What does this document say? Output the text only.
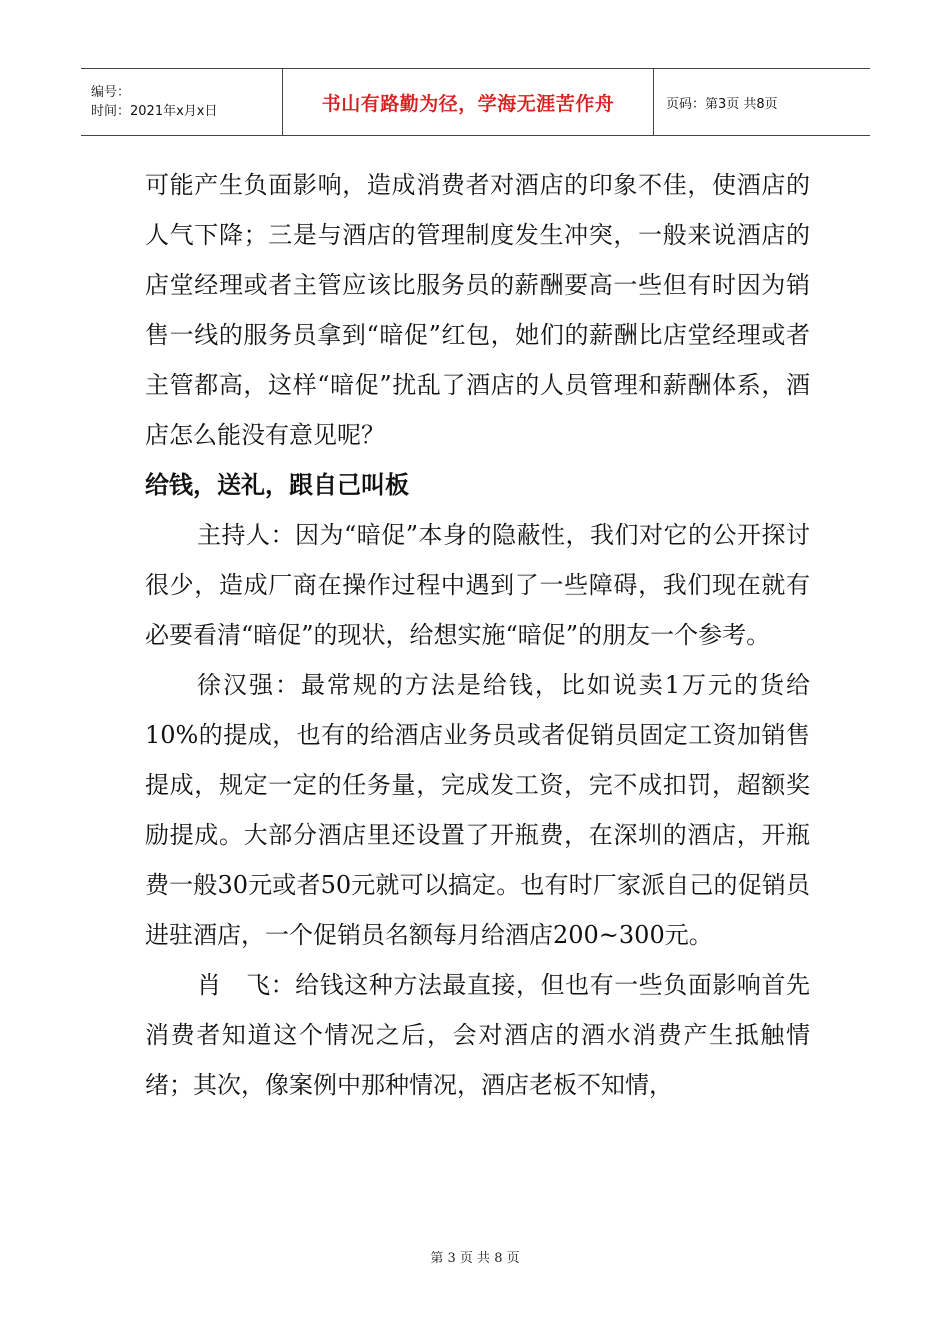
编号：
时间：2021年x月x日	书山有路勤为径，学海无涯苦作舟	页码：第3页 共8页

可能产生负面影响，造成消费者对酒店的印象不佳，使酒店的人气下降；三是与酒店的管理制度发生冲突，一般来说酒店的店堂经理或者主管应该比服务员的薪酬要高一些但有时因为销售一线的服务员拿到“暗促”红包，她们的薪酬比店堂经理或者主管都高，这样“暗促”扰乱了酒店的人员管理和薪酬体系，酒店怎么能没有意见呢？

给钱，送礼，跟自己叫板

主持人：因为“暗促”本身的隐蔽性，我们对它的公开探讨很少，造成厂商在操作过程中遇到了一些障碍，我们现在就有必要看清“暗促”的现状，给想实施“暗促”的朋友一个参考。

徐汉强：最常规的方法是给钱，比如说卖1万元的货给10%的提成，也有的给酒店业务员或者促销员固定工资加销售提成，规定一定的任务量，完成发工资，完不成扣罚，超额奖励提成。大部分酒店里还设置了开瓶费，在深圳的酒店，开瓶费一般30元或者50元就可以搞定。也有时厂家派自己的促销员进驻酒店，一个促销员名额每月给酒店200~300元。

肖　飞：给钱这种方法最直接，但也有一些负面影响首先消费者知道这个情况之后，会对酒店的酒水消费产生抵触情绪；其次，像案例中那种情况，酒店老板不知情，

第 3 页 共 8 页
